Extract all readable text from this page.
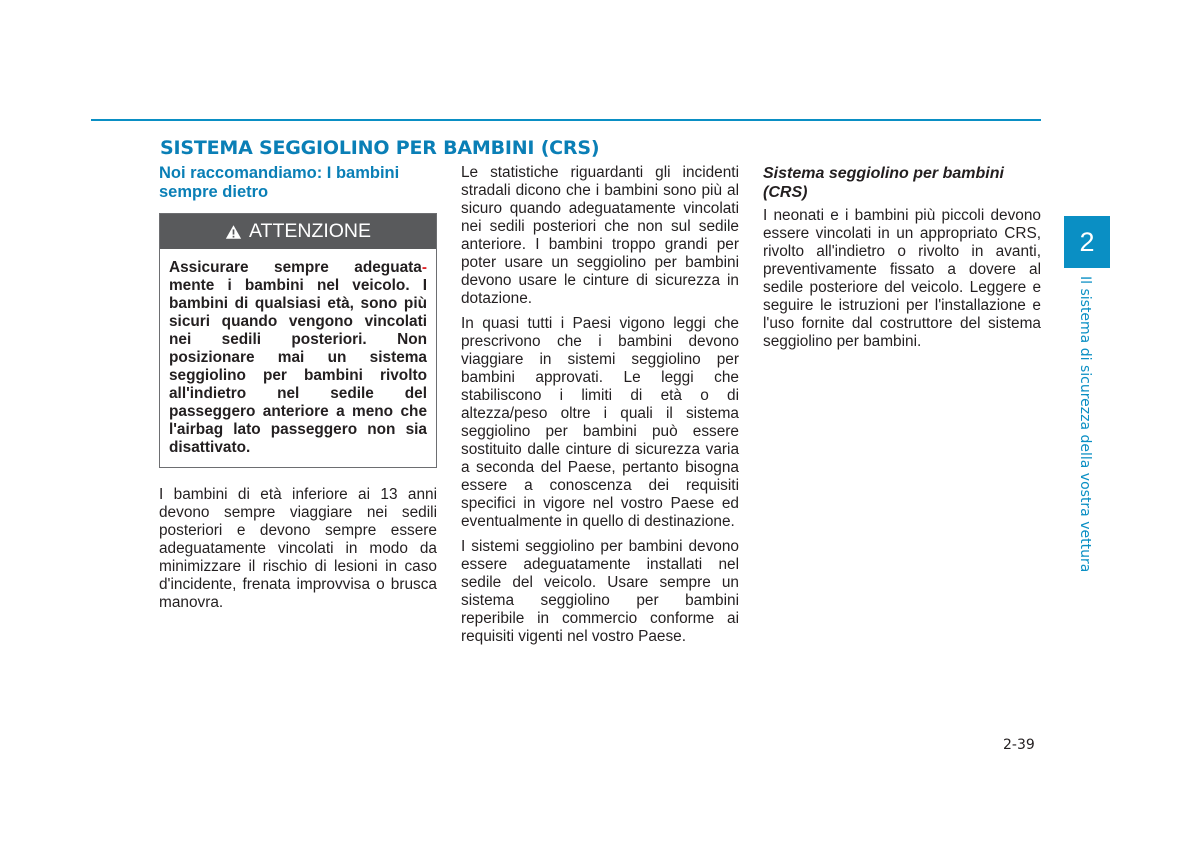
SISTEMA SEGGIOLINO PER BAMBINI (CRS)
Noi raccomandiamo: I bambini sempre dietro
ATTENZIONE

Assicurare sempre adeguata- mente i bambini nel veicolo. I bambini di qualsiasi età, sono più sicuri quando vengono vincolati nei sedili posteriori. Non posizionare mai un sistema seggiolino per bambini rivolto all'indietro nel sedile del passeggero anteriore a meno che l'airbag lato passeggero non sia disattivato.

I bambini di età inferiore ai 13 anni devono sempre viaggiare nei sedili posteriori e devono sempre essere adeguatamente vincolati in modo da minimizzare il rischio di lesioni in caso d'incidente, frenata improvvisa o brusca manovra.

Le statistiche riguardanti gli incidenti stradali dicono che i bambini sono più al sicuro quando adeguatamente vincolati nei sedili posteriori che non sul sedile anteriore. I bambini troppo grandi per poter usare un seggiolino per bambini devono usare le cinture di sicurezza in dotazione.

In quasi tutti i Paesi vigono leggi che prescrivono che i bambini devono viaggiare in sistemi seggiolino per bambini approvati. Le leggi che stabiliscono i limiti di età o di altezza/peso oltre i quali il sistema seggiolino per bambini può essere sostituito dalle cinture di sicurezza varia a seconda del Paese, pertanto bisogna essere a conoscenza dei requisiti specifici in vigore nel vostro Paese ed eventualmente in quello di destinazione.

I sistemi seggiolino per bambini devono essere adeguatamente installati nel sedile del veicolo. Usare sempre un sistema seggiolino per bambini reperibile in commercio conforme ai requisiti vigenti nel vostro Paese.

Sistema seggiolino per bambini (CRS)

I neonati e i bambini più piccoli devono essere vincolati in un appropriato CRS, rivolto all'indietro o rivolto in avanti, preventivamente fissato a dovere al sedile posteriore del veicolo. Leggere e seguire le istruzioni per l'installazione e l'uso fornite dal costruttore del sistema seggiolino per bambini.

2
Il sistema di sicurezza della vostra vettura
2-39
